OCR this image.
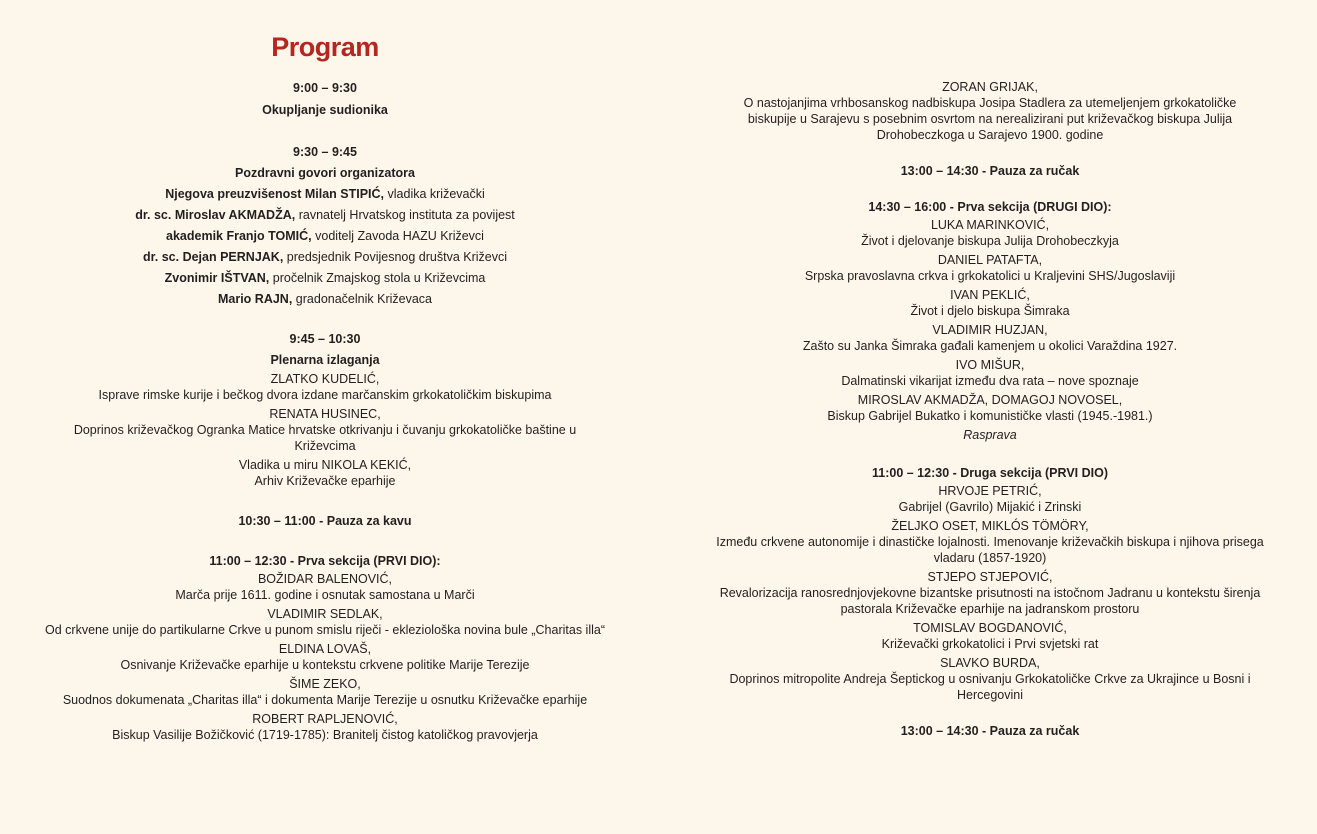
Program
9:00 – 9:30
Okupljanje sudionika
9:30 – 9:45
Pozdravni govori organizatora
Njegova preuzvišenost Milan STIPIĆ, vladika križevački
dr. sc. Miroslav AKMADŽA, ravnatelj Hrvatskog instituta za povijest
akademik Franjo TOMIĆ, voditelj Zavoda HAZU Križevci
dr. sc. Dejan PERNJAK, predsjednik Povijesnog društva Križevci
Zvonimir IŠTVAN, pročelnik Zmajskog stola u Križevcima
Mario RAJN, gradonačelnik Križevaca
9:45 – 10:30
Plenarna izlaganja
ZLATKO KUDELIĆ,
Isprave rimske kurije i bečkog dvora izdane marčanskim grkokatoličkim biskupima
RENATA HUSINEC,
Doprinos križevačkog Ogranka Matice hrvatske otkrivanju i čuvanju grkokatoličke baštine u Križevcima
Vladika u miru NIKOLA KEKIĆ,
Arhiv Križevačke eparhije
10:30 – 11:00 - Pauza za kavu
11:00 – 12:30 - Prva sekcija (PRVI DIO):
BOŽIDAR BALENOVIĆ,
Marča prije 1611. godine i osnutak samostana u Marči
VLADIMIR SEDLAK,
Od crkvene unije do partikularne Crkve u punom smislu riječi - ekleziološka novina bule „Charitas illa“
ELDINA LOVAŠ,
Osnivanje Križevačke eparhije u kontekstu crkvene politike Marije Terezije
ŠIME ZEKO,
Suodnos dokumenata „Charitas illa“ i dokumenta Marije Terezije u osnutku Križevačke eparhije
ROBERT RAPLJENOVIĆ,
Biskup Vasilije Božičković (1719-1785): Branitelj čistog katoličkog pravovjerja
ZORAN GRIJAK,
O nastojanjima vrhbosanskog nadbiskupa Josipa Stadlera za utemeljenjem grkokatoličke biskupije u Sarajevu s posebnim osvrtom na nerealizirani put križevačkog biskupa Julija Drohobeczkoga u Sarajevo 1900. godine
13:00 – 14:30 - Pauza za ručak
14:30 – 16:00 - Prva sekcija (DRUGI DIO):
LUKA MARINKOVIĆ,
Život i djelovanje biskupa Julija Drohobeczkyja
DANIEL PATAFTA,
Srpska pravoslavna crkva i grkokatolici u Kraljevini SHS/Jugoslaviji
IVAN PEKLIĆ,
Život i djelo biskupa Šimraka
VLADIMIR HUZJAN,
Zašto su Janka Šimraka gađali kamenjem u okolici Varaždina 1927.
IVO MIŠUR,
Dalmatinski vikarijat između dva rata – nove spoznaje
MIROSLAV AKMADŽA, DOMAGOJ NOVOSEL,
Biskup Gabrijel Bukatko i komunističke vlasti (1945.-1981.)
Rasprava
11:00 – 12:30 - Druga sekcija (PRVI DIO)
HRVOJE PETRIĆ,
Gabrijel (Gavrilo) Mijakić i Zrinski
ŽELJKO OSET, MIKLÓS TÖMÖRY,
Između crkvene autonomije i dinastičke lojalnosti. Imenovanje križevačkih biskupa i njihova prisega vladaru (1857-1920)
STJEPO STJEPOVIĆ,
Revalorizacija ranosrednjovjekovne bizantske prisutnosti na istočnom Jadranu u kontekstu širenja pastorala Križevačke eparhije na jadranskom prostoru
TOMISLAV BOGDANOVIĆ,
Križevački grkokatolici i Prvi svjetski rat
SLAVKO BURDA,
Doprinos mitropolite Andreja Šeptickog u osnivanju Grkokatoličke Crkve za Ukrajince u Bosni i Hercegovini
13:00 – 14:30 - Pauza za ručak
